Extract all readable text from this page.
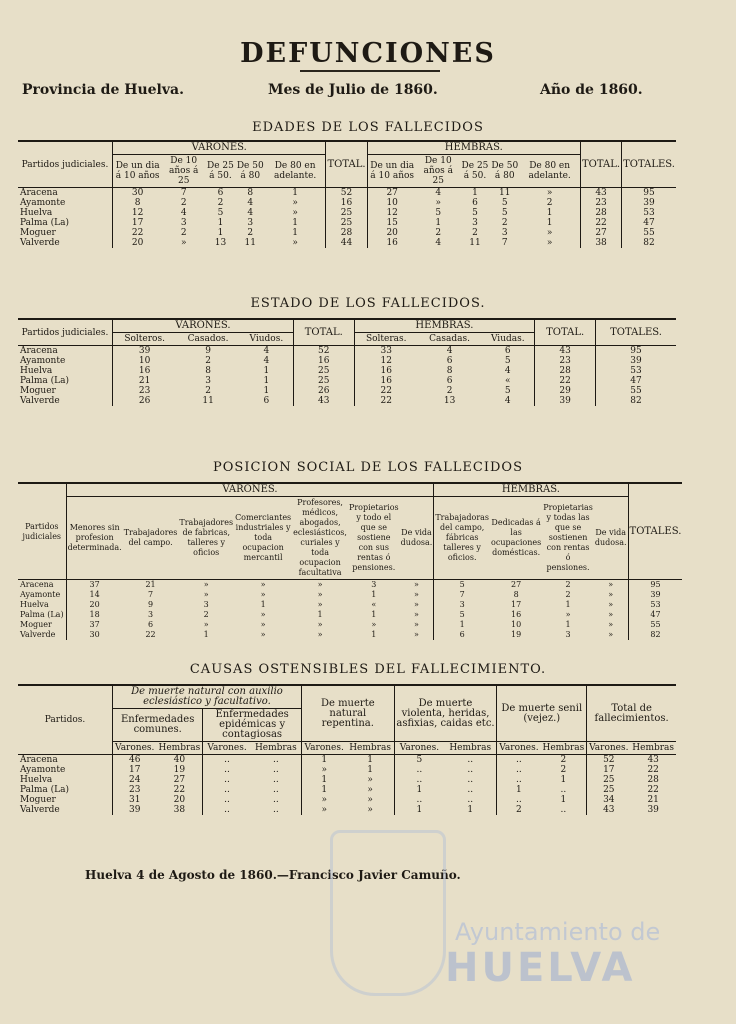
DEFUNCIONES
Provincia de Huelva.	Mes de Julio de 1860.	Año de 1860.
EDADES DE LOS FALLECIDOS
Partidos judiciales.	VARONES.					TOTAL.	HEMBRAS.					TOTAL.	TOTALES.
	De un dia á 10 años	De 10 años á 25	De 25 á 50.	De 50 á 80	De 80 en adelante.		De un dia á 10 años	De 10 años á 25	De 25 á 50.	De 50 á 80	De 80 en adelante.		
Aracena	30	7	6	8	1	52	27	4	1	11	»	43	95
Ayamonte	8	2	2	4	»	16	10	»	6	5	2	23	39
Huelva	12	4	5	4	»	25	12	5	5	5	1	28	53
Palma (La)	17	3	1	3	1	25	15	1	3	2	1	22	47
Moguer	22	2	1	2	1	28	20	2	2	3	»	27	55
Valverde	20	»	13	11	»	44	16	4	11	7	»	38	82
ESTADO DE LOS FALLECIDOS.
Partidos judiciales.	VARONES.			TOTAL.	HEMBRAS.			TOTAL.	TOTALES.
	Solteros.	Casados.	Viudos.		Solteras.	Casadas.	Viudas.		
Aracena	39	9	4	52	33	4	6	43	95
Ayamonte	10	2	4	16	12	6	5	23	39
Huelva	16	8	1	25	16	8	4	28	53
Palma (La)	21	3	1	25	16	6	«	22	47
Moguer	23	2	1	26	22	2	5	29	55
Valverde	26	11	6	43	22	13	4	39	82
POSICION SOCIAL DE LOS FALLECIDOS
Partidos judiciales	VARONES.							HEMBRAS.				TOTALES.
	Menores sin profesion determinada.	Trabajadores del campo.	Trabajadores de fabricas, talleres y oficios	Comerciantes industriales y toda ocupacion mercantil	Profesores, médicos, abogados, eclesiásticos, curiales y toda ocupacion facultativa	Propietarios y todo el que se sostiene con sus rentas ó pensiones.	De vida dudosa.	Trabajadoras del campo, fábricas talleres y oficios.	Dedicadas á las ocupaciones domésticas.	Propietarias y todas las que se sostienen con rentas ó pensiones.	De vida dudosa.	
Aracena	37	21	»	»	»	3	»	5	27	2	»	95
Ayamonte	14	7	»	»	»	1	»	7	8	2	»	39
Huelva	20	9	3	1	»	«	»	3	17	1	»	53
Palma (La)	18	3	2	»	1	1	»	5	16	»	»	47
Moguer	37	6	»	»	»	»	»	1	10	1	»	55
Valverde	30	22	1	»	»	1	»	6	19	3	»	82
CAUSAS OSTENSIBLES DEL FALLECIMIENTO.
Partidos.	De muerte natural con auxilio eclesiástico y facultativo.				De muerte natural repentina.		De muerte violenta, heridas, asfixias, caidas etc.		De muerte senil (vejez.)		Total de fallecimientos.	
	Enfermedades comunes.		Enfermedades epidémicas y contagiosas									
	Varones.	Hembras	Varones.	Hembras	Varones.	Hembras	Varones.	Hembras	Varones.	Hembras	Varones.	Hembras
Aracena	46	40	..	..	1	1	5	..	..	2	52	43
Ayamonte	17	19	..	..	»	1	..	..	..	2	17	22
Huelva	24	27	..	..	1	»	..	..	..	1	25	28
Palma (La)	23	22	..	..	1	»	1	..	1	..	25	22
Moguer	31	20	..	..	»	»	..	..	..	1	34	21
Valverde	39	38	..	..	»	»	1	1	2	..	43	39
Huelva 4 de Agosto de 1860.—Francisco Javier Camuño.
Ayuntamiento de
HUELVA
